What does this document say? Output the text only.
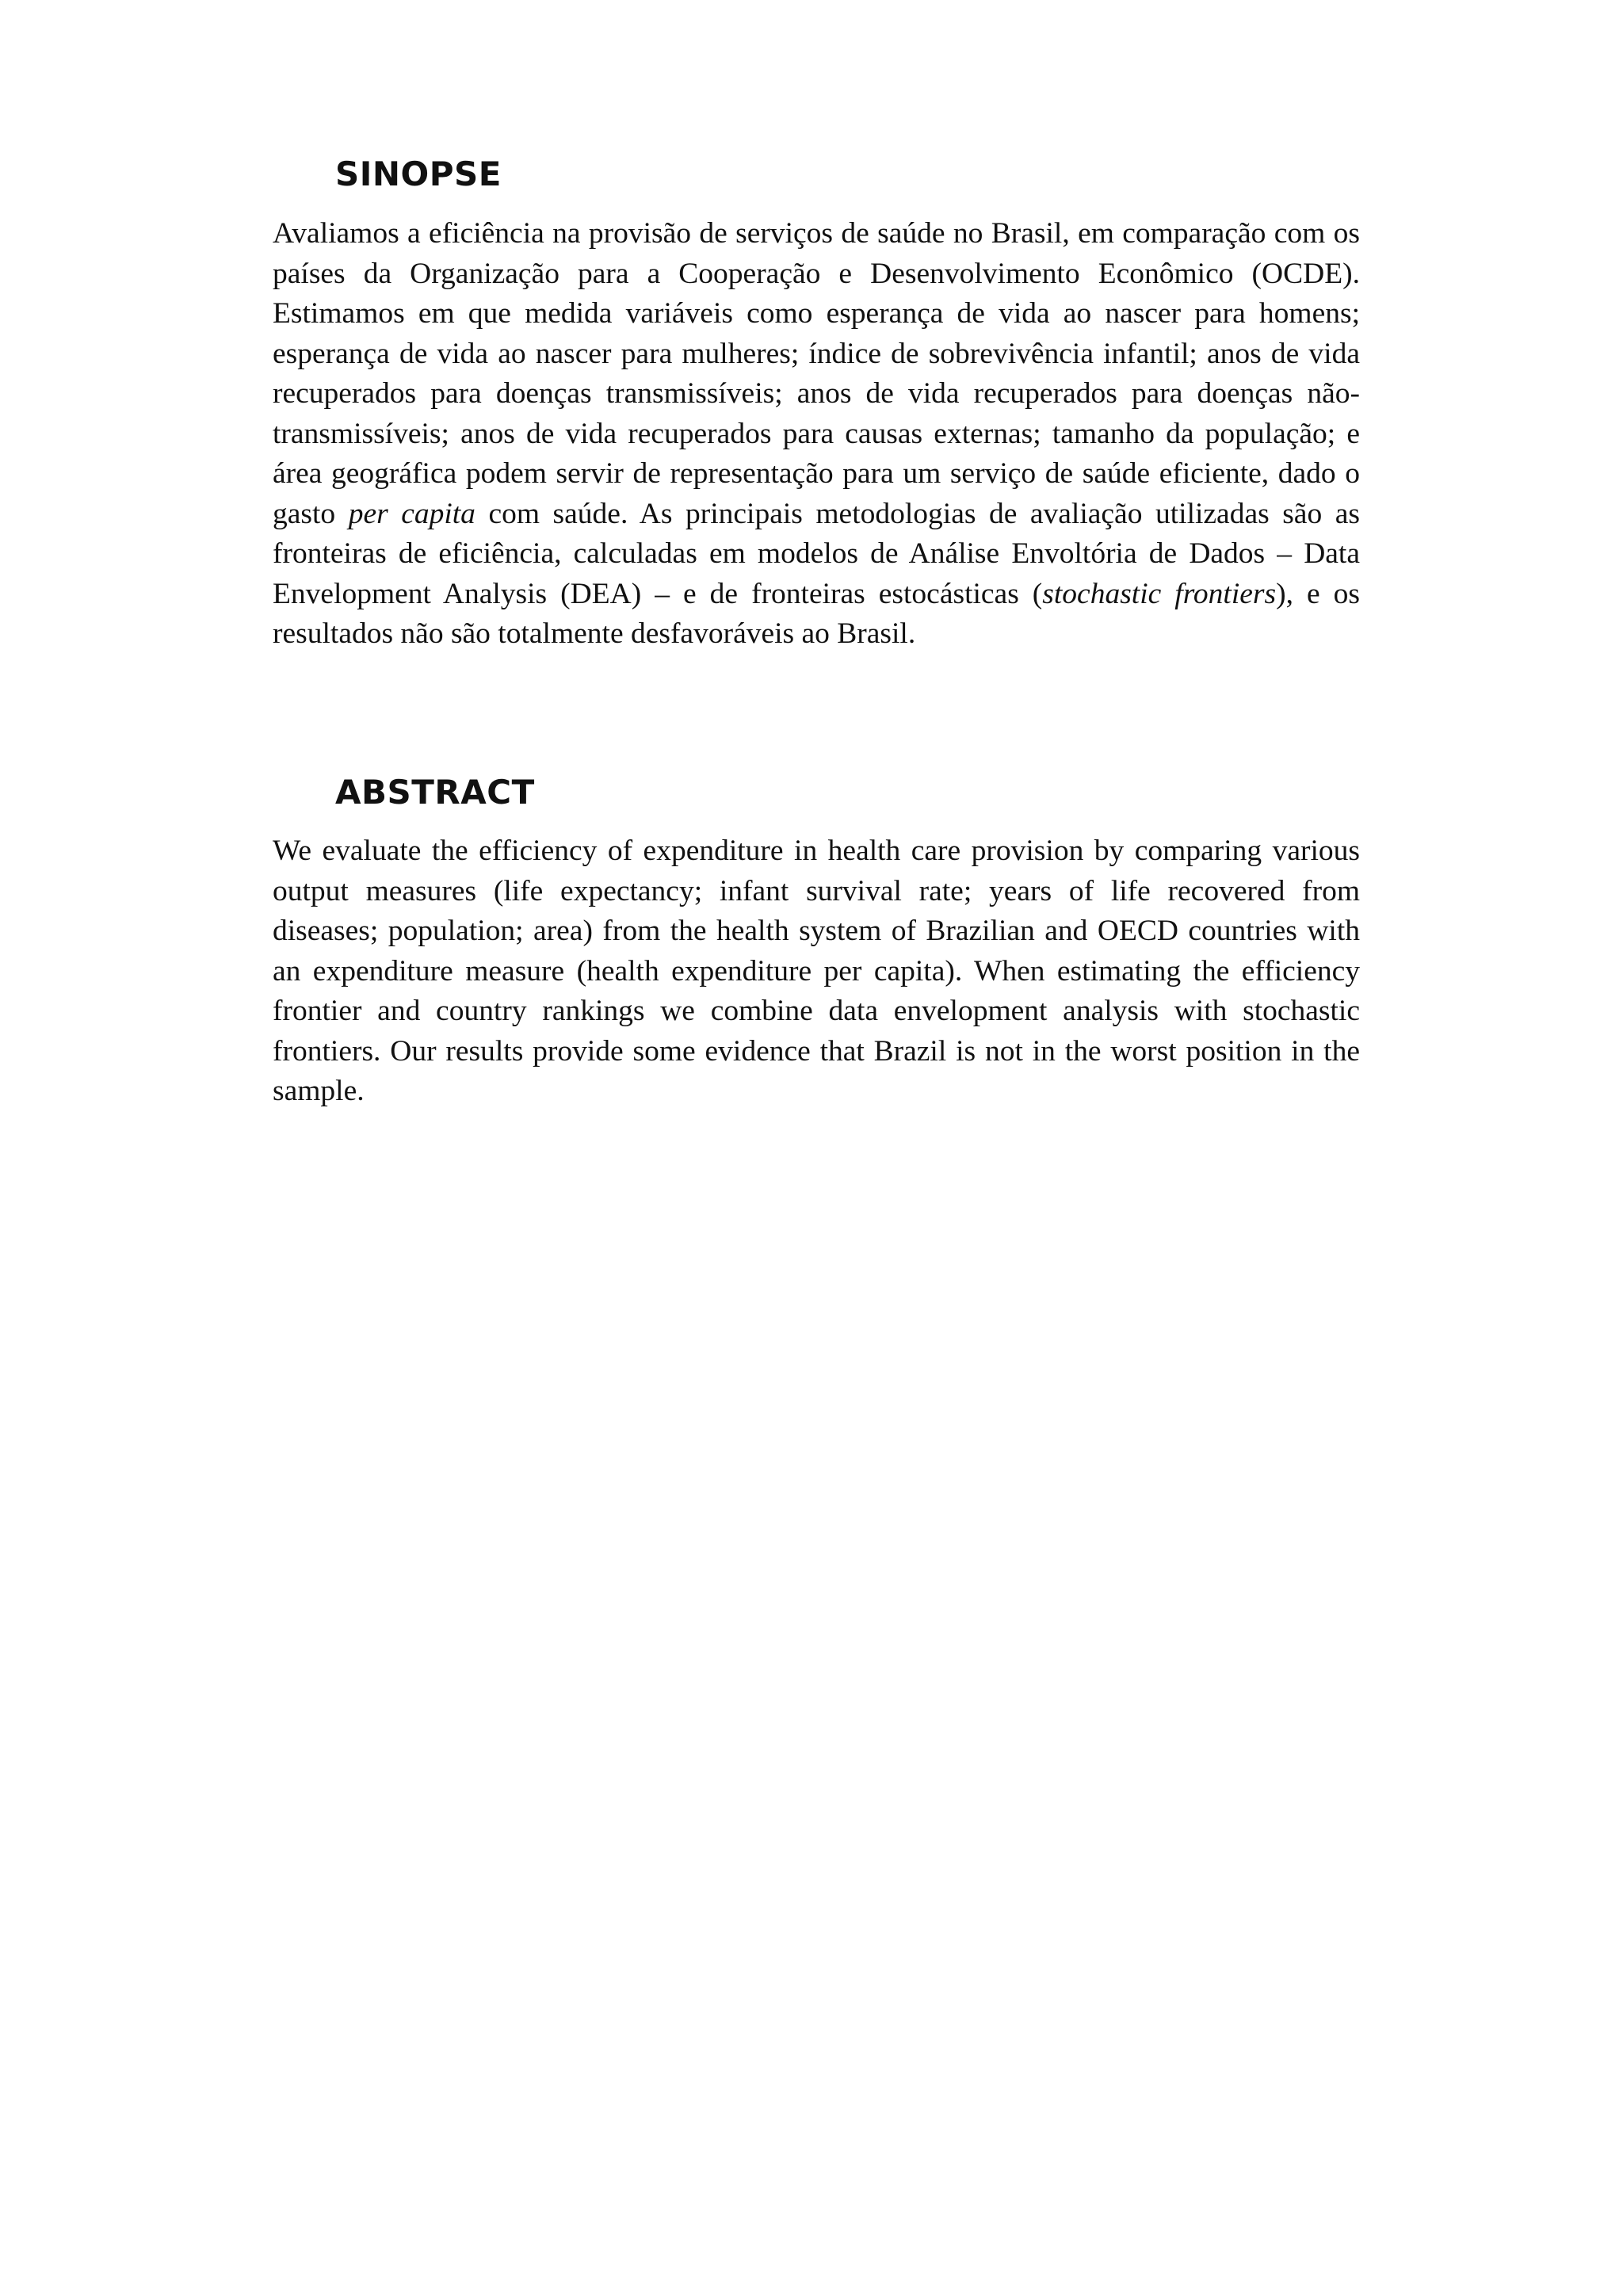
SINOPSE

Avaliamos a eficiência na provisão de serviços de saúde no Brasil, em comparação com os países da Organização para a Cooperação e Desenvolvimento Econômico (OCDE). Estimamos em que medida variáveis como esperança de vida ao nascer para homens; esperança de vida ao nascer para mulheres; índice de sobrevivência infantil; anos de vida recuperados para doenças transmissíveis; anos de vida recuperados para doenças não-transmissíveis; anos de vida recuperados para causas externas; tamanho da população; e área geográfica podem servir de representação para um serviço de saúde eficiente, dado o gasto per capita com saúde. As principais metodologias de avaliação utilizadas são as fronteiras de eficiência, calculadas em modelos de Análise Envoltória de Dados – Data Envelopment Analysis (DEA) – e de fronteiras estocásticas (stochastic frontiers), e os resultados não são totalmente desfavoráveis ao Brasil.

ABSTRACT

We evaluate the efficiency of expenditure in health care provision by comparing various output measures (life expectancy; infant survival rate; years of life recovered from diseases; population; area) from the health system of Brazilian and OECD countries with an expenditure measure (health expenditure per capita). When estimating the efficiency frontier and country rankings we combine data envelopment analysis with stochastic frontiers. Our results provide some evidence that Brazil is not in the worst position in the sample.
